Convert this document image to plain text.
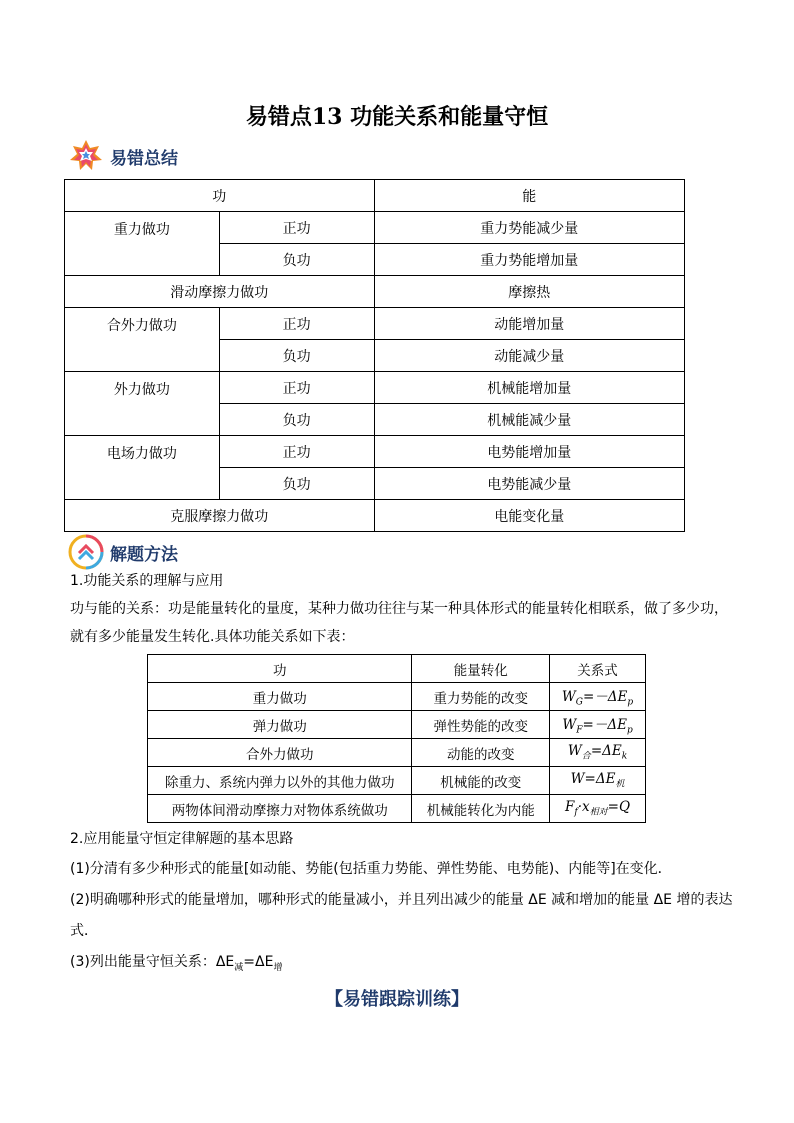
易错点13 功能关系和能量守恒
易错总结
功		能
重力做功	正功	重力势能减少量
	负功	重力势能增加量
滑动摩擦力做功		摩擦热
合外力做功	正功	动能增加量
	负功	动能减少量
外力做功	正功	机械能增加量
	负功	机械能减少量
电场力做功	正功	电势能增加量
	负功	电势能减少量
克服摩擦力做功		电能变化量
解题方法
1.功能关系的理解与应用
功与能的关系：功是能量转化的量度，某种力做功往往与某一种具体形式的能量转化相联系，做了多少功，
就有多少能量发生转化.具体功能关系如下表：
功	能量转化	关系式
重力做功	重力势能的改变	$W_G=-\Delta E_p$
弹力做功	弹性势能的改变	$W_F=-\Delta E_p$
合外力做功	动能的改变	$W_合=\Delta E_k$
除重力、系统内弹力以外的其他力做功	机械能的改变	$W=\Delta E_机$
两物体间滑动摩擦力对物体系统做功	机械能转化为内能	$F_f\cdot x_{相对}=Q$
2.应用能量守恒定律解题的基本思路
(1)分清有多少种形式的能量[如动能、势能(包括重力势能、弹性势能、电势能)、内能等]在变化．
(2)明确哪种形式的能量增加，哪种形式的能量减小，并且列出减少的能量 ΔE 减和增加的能量 ΔE 增的表达
式．
(3)列出能量守恒关系：$\Delta E_减=\Delta E_增$
【易错跟踪训练】
